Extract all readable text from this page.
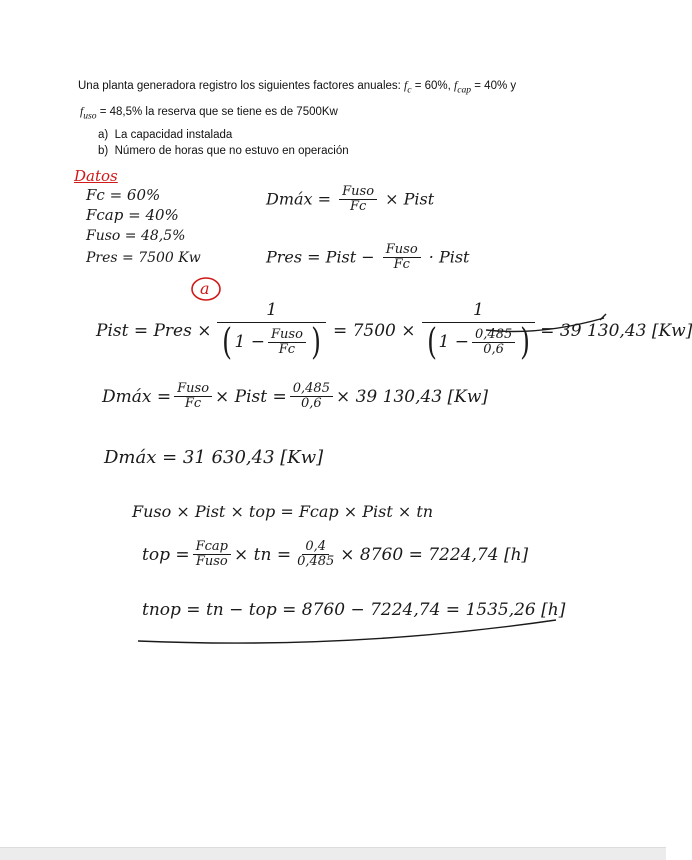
Una planta generadora registro los siguientes factores anuales: $f_c = 60\%$, $f_{cap} = 40\%$ y
$f_{uso} = 48,5\%$ la reserva que se tiene es de 7500Kw
a) La capacidad instalada
b) Número de horas que no estuvo en operación
Datos
Fc = 60%
Fcap = 40%
Fuso = 48,5%
Pres = 7500 Kw
Dmáx = $\frac{\text{Fuso}}{Fc}$ × Pist
Pres = Pist − $\frac{\text{Fuso}}{Fc}$ · Pist
a
Pist = Pres × $\frac{1}{( 1 - \frac{\text{Fuso}}{Fc} )} = 7500 \times \frac{1}{( 1 - \frac{0,485}{0,6} )} = 39$ 130,43 [Kw]
Dmáx = $\frac{\text{Fuso}}{Fc}$ × Pist = $\frac{0,485}{0,6} \times 39$ 130,43 [Kw]
Dmáx = 31 630,43 [Kw]
Fuso × Pist × top = Fcap × Pist × tn
top = $\frac{\text{Fcap}}{\text{Fuso}}$ × tn = $\frac{0,4}{0,485} \times 8760 = 7224,74$ [h]
tnop = tn − top = 8760 − 7224,74 = 1535,26 [h]
